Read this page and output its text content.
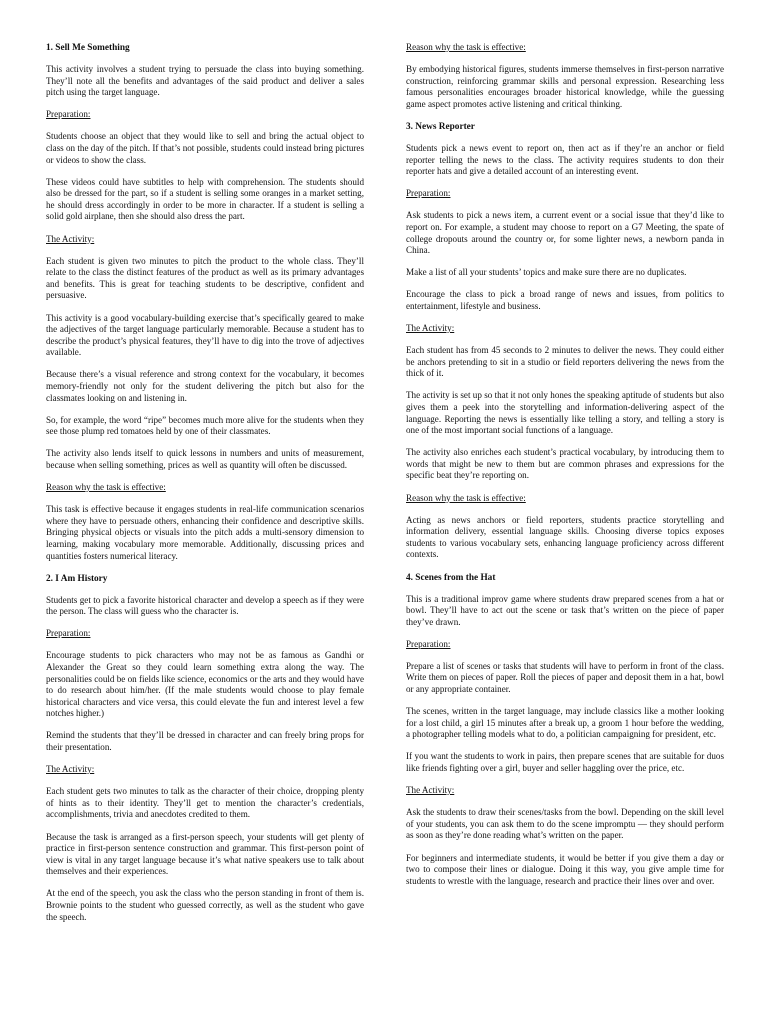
1. Sell Me Something

This activity involves a student trying to persuade the class into buying something. They’ll note all the benefits and advantages of the said product and deliver a sales pitch using the target language.

Preparation:

Students choose an object that they would like to sell and bring the actual object to class on the day of the pitch. If that’s not possible, students could instead bring pictures or videos to show the class.

These videos could have subtitles to help with comprehension. The students should also be dressed for the part, so if a student is selling some oranges in a market setting, he should dress accordingly in order to be more in character. If a student is selling a solid gold airplane, then she should also dress the part.

The Activity:

Each student is given two minutes to pitch the product to the whole class. They’ll relate to the class the distinct features of the product as well as its primary advantages and benefits. This is great for teaching students to be descriptive, confident and persuasive.

This activity is a good vocabulary-building exercise that’s specifically geared to make the adjectives of the target language particularly memorable. Because a student has to describe the product’s physical features, they’ll have to dig into the trove of adjectives available.

Because there’s a visual reference and strong context for the vocabulary, it becomes memory-friendly not only for the student delivering the pitch but also for the classmates looking on and listening in.

So, for example, the word “ripe” becomes much more alive for the students when they see those plump red tomatoes held by one of their classmates.

The activity also lends itself to quick lessons in numbers and units of measurement, because when selling something, prices as well as quantity will often be discussed.

Reason why the task is effective:

This task is effective because it engages students in real-life communication scenarios where they have to persuade others, enhancing their confidence and descriptive skills. Bringing physical objects or visuals into the pitch adds a multi-sensory dimension to learning, making vocabulary more memorable. Additionally, discussing prices and quantities fosters numerical literacy.

2. I Am History

Students get to pick a favorite historical character and develop a speech as if they were the person. The class will guess who the character is.

Preparation:

Encourage students to pick characters who may not be as famous as Gandhi or Alexander the Great so they could learn something extra along the way. The personalities could be on fields like science, economics or the arts and they would have to do research about him/her. (If the male students would choose to play female historical characters and vice versa, this could elevate the fun and interest level a few notches higher.)

Remind the students that they’ll be dressed in character and can freely bring props for their presentation.

The Activity:

Each student gets two minutes to talk as the character of their choice, dropping plenty of hints as to their identity. They’ll get to mention the character’s credentials, accomplishments, trivia and anecdotes credited to them.

Because the task is arranged as a first-person speech, your students will get plenty of practice in first-person sentence construction and grammar. This first-person point of view is vital in any target language because it’s what native speakers use to talk about themselves and their experiences.

At the end of the speech, you ask the class who the person standing in front of them is. Brownie points to the student who guessed correctly, as well as the student who gave the speech.

Reason why the task is effective:

By embodying historical figures, students immerse themselves in first-person narrative construction, reinforcing grammar skills and personal expression. Researching less famous personalities encourages broader historical knowledge, while the guessing game aspect promotes active listening and critical thinking.

3. News Reporter

Students pick a news event to report on, then act as if they’re an anchor or field reporter telling the news to the class. The activity requires students to don their reporter hats and give a detailed account of an interesting event.

Preparation:

Ask students to pick a news item, a current event or a social issue that they’d like to report on. For example, a student may choose to report on a G7 Meeting, the spate of college dropouts around the country or, for some lighter news, a newborn panda in China.

Make a list of all your students’ topics and make sure there are no duplicates.

Encourage the class to pick a broad range of news and issues, from politics to entertainment, lifestyle and business.

The Activity:

Each student has from 45 seconds to 2 minutes to deliver the news. They could either be anchors pretending to sit in a studio or field reporters delivering the news from the thick of it.

The activity is set up so that it not only hones the speaking aptitude of students but also gives them a peek into the storytelling and information-delivering aspect of the language. Reporting the news is essentially like telling a story, and telling a story is one of the most important social functions of a language.

The activity also enriches each student’s practical vocabulary, by introducing them to words that might be new to them but are common phrases and expressions for the specific beat they’re reporting on.

Reason why the task is effective:

Acting as news anchors or field reporters, students practice storytelling and information delivery, essential language skills. Choosing diverse topics exposes students to various vocabulary sets, enhancing language proficiency across different contexts.

4. Scenes from the Hat

This is a traditional improv game where students draw prepared scenes from a hat or bowl. They’ll have to act out the scene or task that’s written on the piece of paper they’ve drawn.

Preparation:

Prepare a list of scenes or tasks that students will have to perform in front of the class. Write them on pieces of paper. Roll the pieces of paper and deposit them in a hat, bowl or any appropriate container.

The scenes, written in the target language, may include classics like a mother looking for a lost child, a girl 15 minutes after a break up, a groom 1 hour before the wedding, a photographer telling models what to do, a politician campaigning for president, etc.

If you want the students to work in pairs, then prepare scenes that are suitable for duos like friends fighting over a girl, buyer and seller haggling over the price, etc.

The Activity:

Ask the students to draw their scenes/tasks from the bowl. Depending on the skill level of your students, you can ask them to do the scene impromptu — they should perform as soon as they’re done reading what’s written on the paper.

For beginners and intermediate students, it would be better if you give them a day or two to compose their lines or dialogue. Doing it this way, you give ample time for students to wrestle with the language, research and practice their lines over and over.
